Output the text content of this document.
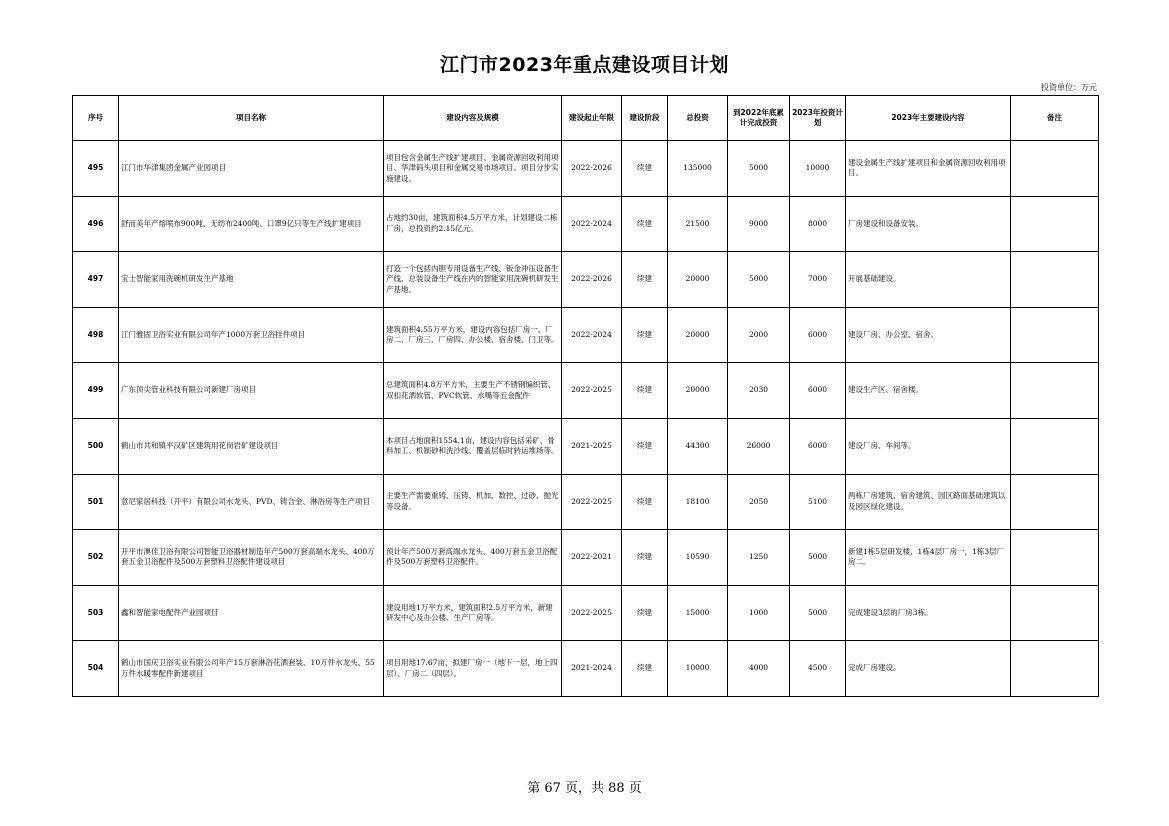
江门市2023年重点建设项目计划
投资单位：万元
序号	项目名称	建设内容及规模	建设起止年限	建设阶段	总投资	到2022年底累计完成投资	2023年投资计划	2023年主要建设内容	备注
495	江门市华津集团金属产业园项目	项目包含金属生产线扩建项目、金属资源回收利用项目、华津码头项目和金属交易市场项目。项目分步实施建设。	2022-2026	续建	135000	5000	10000	建设金属生产线扩建项目和金属资源回收利用项目。	
496	舒而美年产熔喷布900吨、无纺布2400吨、口罩9亿只等生产线扩建项目	占地约30亩，建筑面积4.5万平方米，计划建设二栋厂房，总投资约2.15亿元。	2022-2024	续建	21500	9000	8000	厂房建设和设备安装。	
497	宝士智能家用洗碗机研发生产基地	打造一个包括内胆专用设备生产线、钣金冲压设备生产线、总装设备生产线在内的智能家用洗碗机研发生产基地。	2022-2026	续建	20000	5000	7000	开展基础建设。	
498	江门雅固卫浴实业有限公司年产1000万套卫浴挂件项目	建筑面积4.55万平方米，建设内容包括厂房一、厂房二、厂房三、厂房四、办公楼、宿舍楼、门卫等。	2022-2024	续建	20000	2000	6000	建设厂房、办公室、宿舍。	
499	广东顶尖管业科技有限公司新建厂房项目	总建筑面积4.8万平方米，主要生产不锈钢编织管、双扣花洒软管、PVC软管、水嘴等五金配件	2022-2025	续建	20000	2030	6000	建设生产区、宿舍楼。	
500	鹤山市共和镇平汉矿区建筑用花岗岩矿建设项目	本项目占地面积1554.1亩，建设内容包括采矿、骨料加工、机制砂和洗沙线、覆盖层临时转运堆场等。	2021-2025	续建	44300	26000	6000	建设厂房、车间等。	
501	意尼家居科技（开平）有限公司水龙头、PVD、铸合金、淋浴房等生产项目	主要生产需要重铸、压铸、机加、数控、过砂、抛光等设备。	2022-2025	续建	18100	2050	5100	两栋厂房建筑、宿舍建筑、园区路面基础建筑以及园区绿化建设。	
502	开平市澳佳卫浴有限公司智能卫浴器材制造年产500万套高端水龙头、400万套五金卫浴配件及500万套塑料卫浴配件建设项目	预计年产500万套高端水龙头、400万套五金卫浴配件及500万套塑料卫浴配件。	2022-2021	续建	10590	1250	5000	新建1栋5层研发楼，1栋4层厂房一，1栋3层厂房二。	
503	鑫和智能家电配件产业园项目	建设用地1万平方米，建筑面积2.5万平方米，新建研发中心及办公楼、生产厂房等。	2022-2025	续建	15000	1000	5000	完成建设3层的厂房3栋。	
504	鹤山市国庆卫浴实业有限公司年产15万套淋浴花洒套装、10万件水龙头、55万件水暖零配件新建项目	项目用地17.67亩，拟建厂房一（地下一层，地上四层）、厂房二（四层）。	2021-2024	续建	10000	4000	4500	完成厂房建设。	
第 67 页，共 88 页
